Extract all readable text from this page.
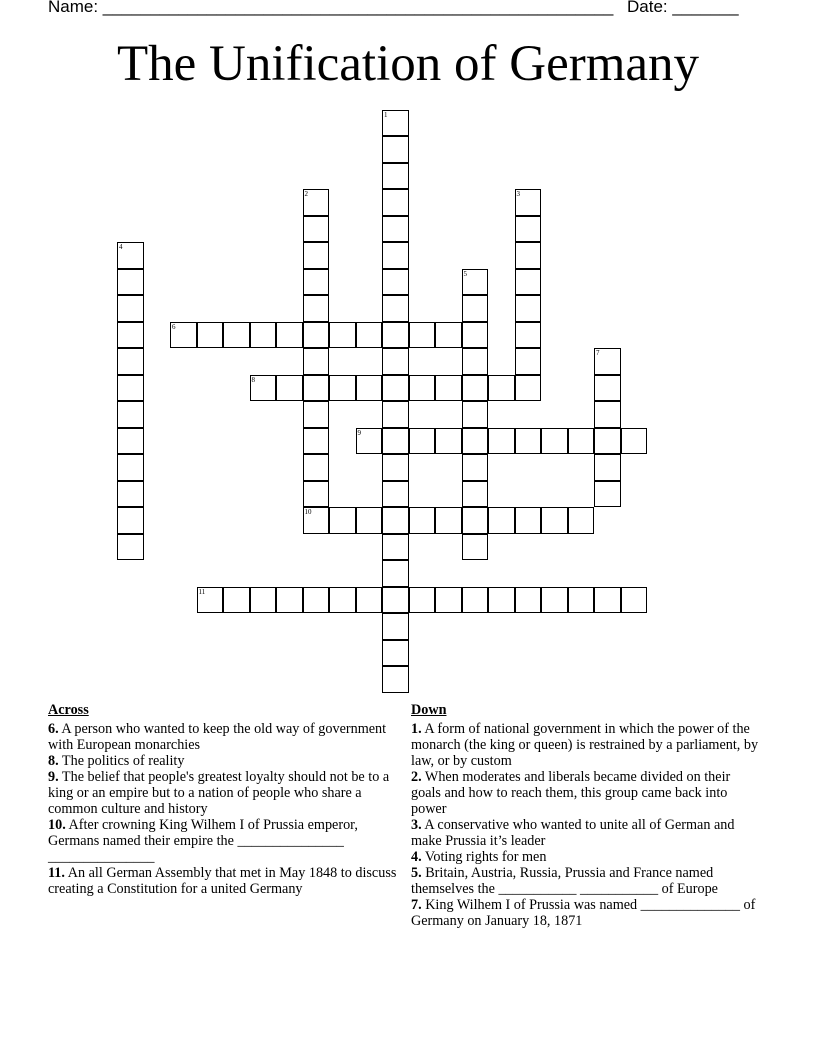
Name: ______________________________________________________ Date: _______
The Unification of Germany
1
2
10
3
4
5
6
7
8
9
11
Across

6. A person who wanted to keep the old way of government with European monarchies

8. The politics of reality

9. The belief that people's greatest loyalty should not be to a king or an empire but to a nation of people who share a common culture and history

10. After crowning King Wilhem I of Prussia emperor, Germans named their empire the _______________ _______________

11. An all German Assembly that met in May 1848 to discuss creating a Constitution for a united Germany

Down

1. A form of national government in which the power of the monarch (the king or queen) is restrained by a parliament, by law, or by custom

2. When moderates and liberals became divided on their goals and how to reach them, this group came back into power

3. A conservative who wanted to unite all of German and make Prussia it’s leader

4. Voting rights for men

5. Britain, Austria, Russia, Prussia and France named themselves the ___________ ___________ of Europe

7. King Wilhem I of Prussia was named ______________ of Germany on January 18, 1871
